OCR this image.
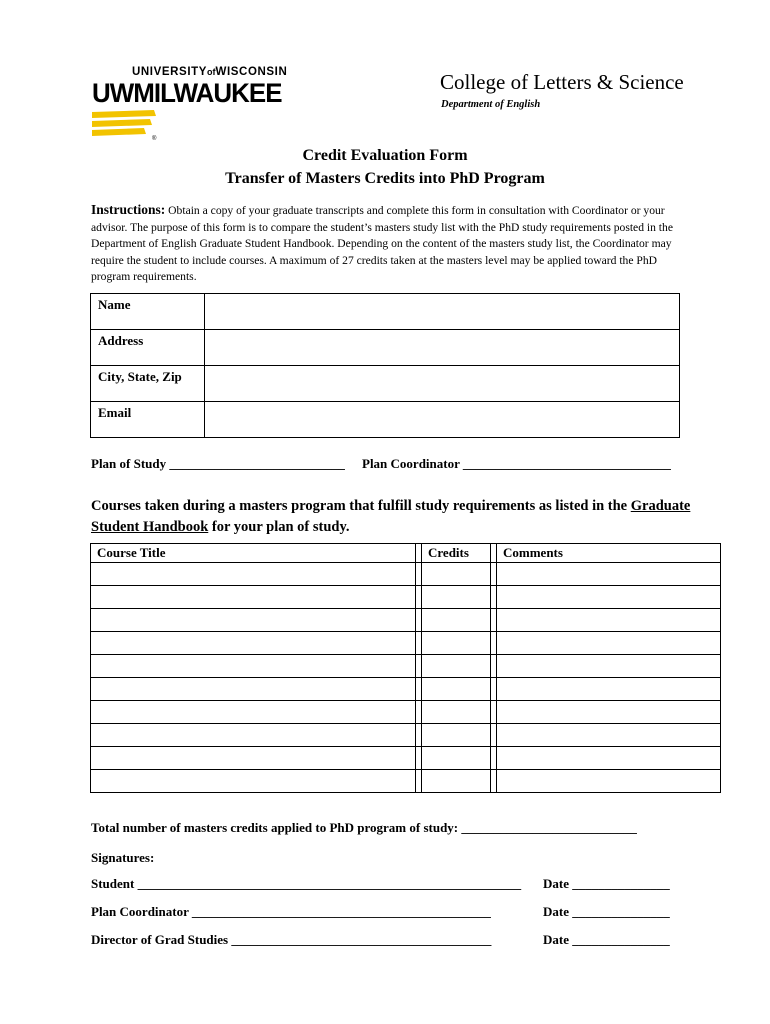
UNIVERSITYofWISCONSIN
UWMILWAUKEE
®
College of Letters & Science
Department of English
Credit Evaluation Form
Transfer of Masters Credits into PhD Program
Instructions: Obtain a copy of your graduate transcripts and complete this form in consultation with Coordinator or your advisor. The purpose of this form is to compare the student’s masters study list with the PhD study requirements posted in the Department of English Graduate Student Handbook. Depending on the content of the masters study list, the Coordinator may require the student to include courses. A maximum of 27 credits taken at the masters level may be applied toward the PhD program requirements.
Name	
Address	
City, State, Zip	
Email	
Plan of Study ___________________________ Plan Coordinator ________________________________
Courses taken during a masters program that fulfill study requirements as listed in the Graduate Student Handbook for your plan of study.
Course Title		Credits		Comments

Total number of masters credits applied to PhD program of study: ___________________________
Signatures:
Student ___________________________________________________________ Date _______________
Plan Coordinator ______________________________________________	Date _______________
Director of Grad Studies ________________________________________	Date _______________
